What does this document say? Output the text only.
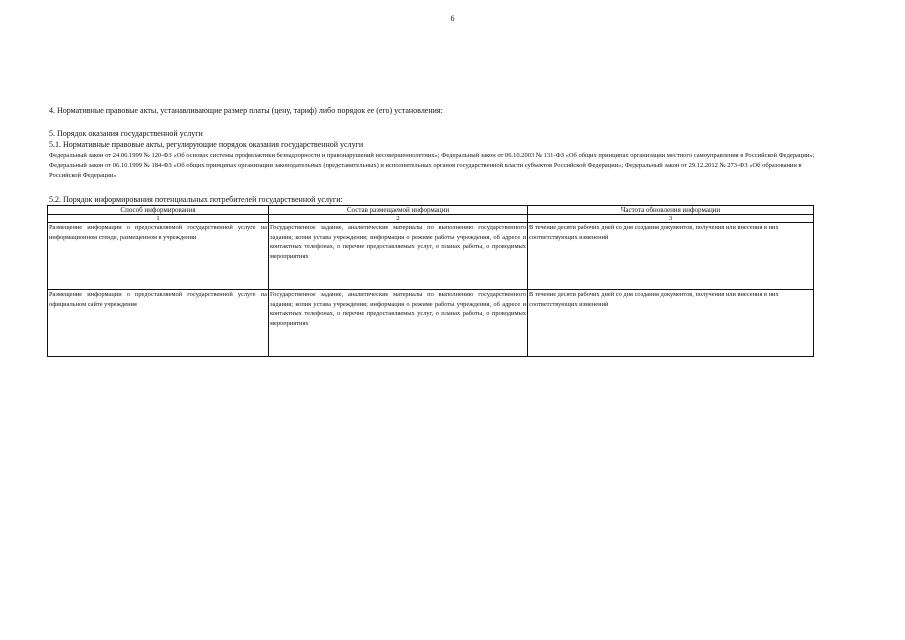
6
4. Нормативные правовые акты, устанавливающие размер платы (цену, тариф) либо порядок ее (его) установления:
5. Порядок оказания государственной услуги
5.1. Нормативные правовые акты, регулирующие порядок оказания государственной услуги
Федеральный закон от 24.06.1999 № 120-ФЗ «Об основах системы профилактики безнадзорности и правонарушений несовершеннолетних»; Федеральный закон от 06.10.2003 № 131-ФЗ «Об общих принципах организации местного самоуправления в Российской Федерации»; Федеральный закон от 06.10.1999 № 184-ФЗ «Об общих принципах организации законодательных (представительных) и исполнительных органов государственной власти субъектов Российской Федерации»; Федеральный закон от 29.12.2012 № 273-ФЗ «Об образовании в Российской Федерации»
5.2. Порядок информирования потенциальных потребителей государственной услуги:
Способ информирования	Состав размещаемой информации	Частота обновления информации
1	2	3
Размещение информации о предоставляемой государственной услуге на информационном стенде, размещенном в учреждении	Государственное задание, аналитические материалы по выполнению государственного задания; копия устава учреждения; информация о режиме работы учреждения, об адресе и контактных телефонах, о перечне предоставляемых услуг, о планах работы, о проводимых мероприятиях	В течение десяти рабочих дней со дня создания документов, получения или внесения в них соответствующих изменений
Размещение информации о предоставляемой государственной услуге на официальном сайте учреждения	Государственное задание, аналитические материалы по выполнению государственного задания; копия устава учреждения; информация о режиме работы учреждения, об адресе и контактных телефонах, о перечне предоставляемых услуг, о планах работы, о проводимых мероприятиях	В течение десяти рабочих дней со дня создания документов, получения или внесения в них соответствующих изменений
